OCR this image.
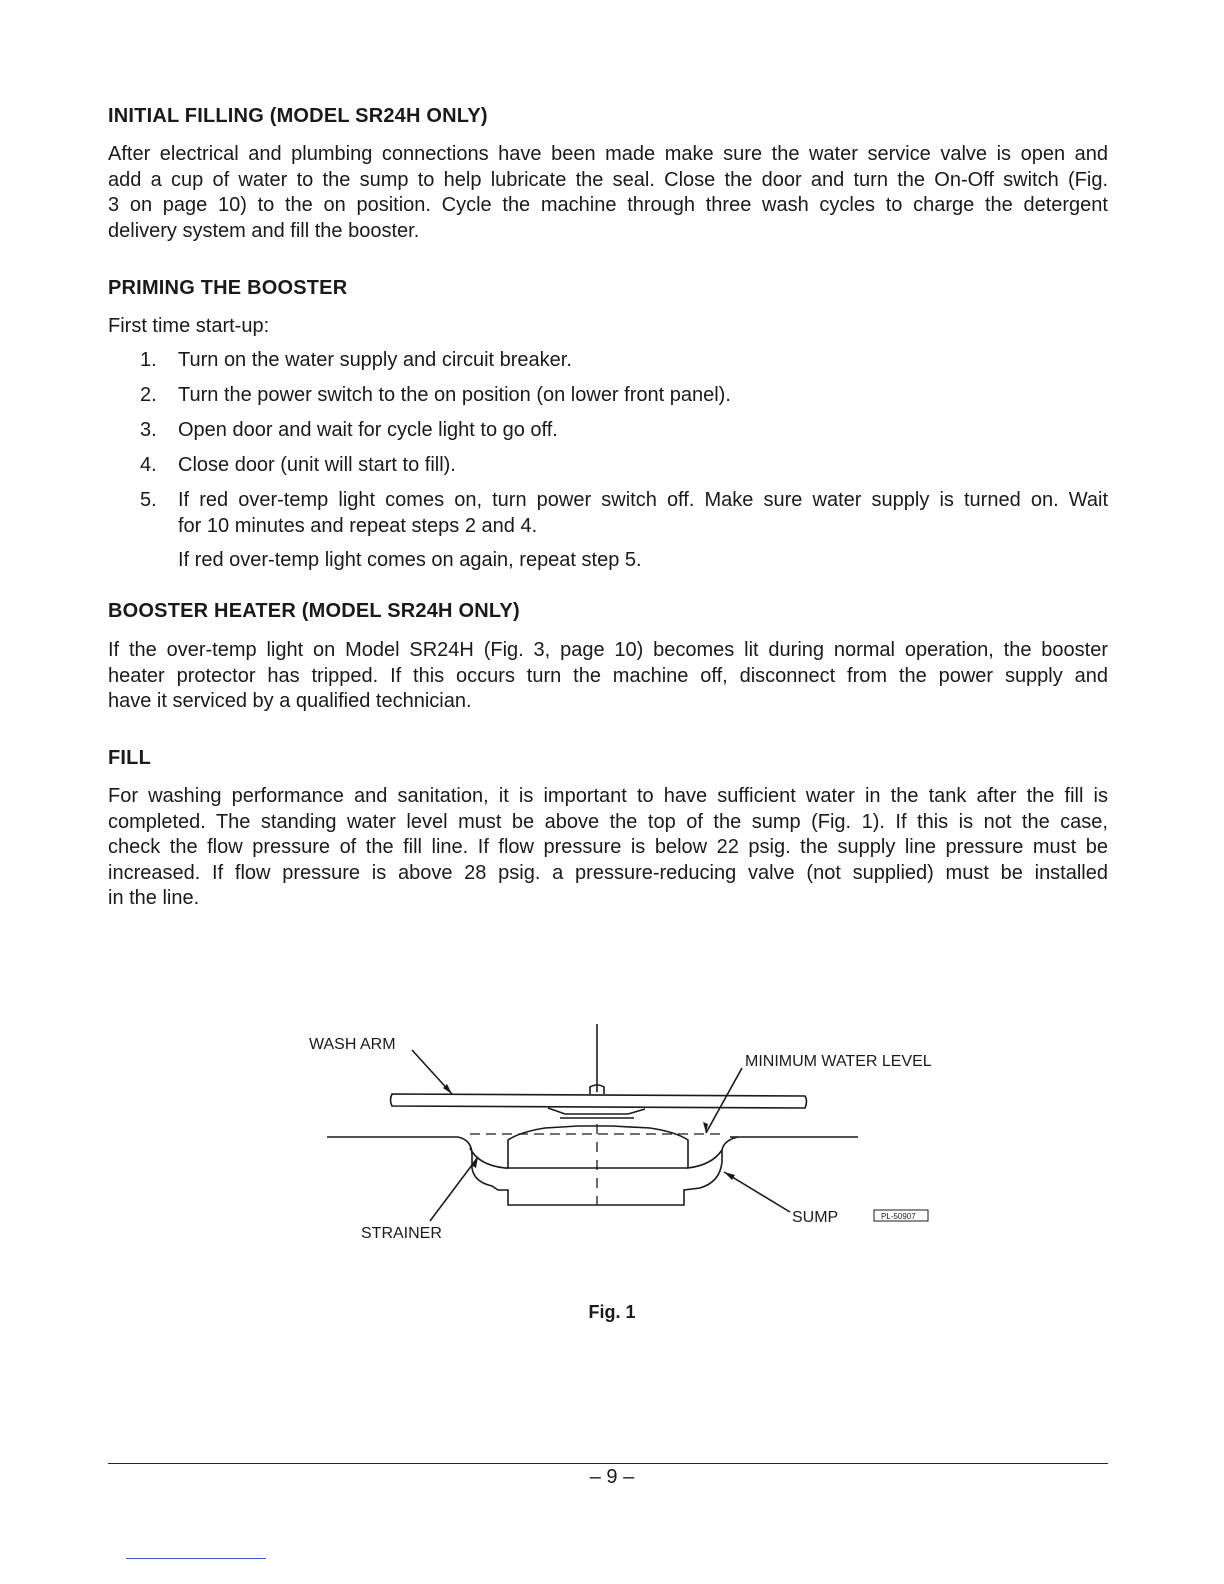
INITIAL FILLING (MODEL SR24H ONLY)
After electrical and plumbing connections have been made make sure the water service valve is open and
add a cup of water to the sump to help lubricate the seal. Close the door and turn the On-Off switch (Fig.
3 on page 10) to the on position. Cycle the machine through three wash cycles to charge the detergent
delivery system and fill the booster.
PRIMING THE BOOSTER
First time start-up:
1.	Turn on the water supply and circuit breaker.
2.	Turn the power switch to the on position (on lower front panel).
3.	Open door and wait for cycle light to go off.
4.	Close door (unit will start to fill).
5.	If red over-temp light comes on, turn power switch off. Make sure water supply is turned on. Wait
for 10 minutes and repeat steps 2 and 4.
If red over-temp light comes on again, repeat step 5.
BOOSTER HEATER (MODEL SR24H ONLY)
If the over-temp light on Model SR24H (Fig. 3, page 10) becomes lit during normal operation, the booster
heater protector has tripped. If this occurs turn the machine off, disconnect from the power supply and
have it serviced by a qualified technician.
FILL
For washing performance and sanitation, it is important to have sufficient water in the tank after the fill is
completed. The standing water level must be above the top of the sump (Fig. 1). If this is not the case,
check the flow pressure of the fill line. If flow pressure is below 22 psig. the supply line pressure must be
increased. If flow pressure is above 28 psig. a pressure-reducing valve (not supplied) must be installed
in the line.
WASH ARM
MINIMUM WATER LEVEL
STRAINER
SUMP	PL-50907
Fig. 1
– 9 –
